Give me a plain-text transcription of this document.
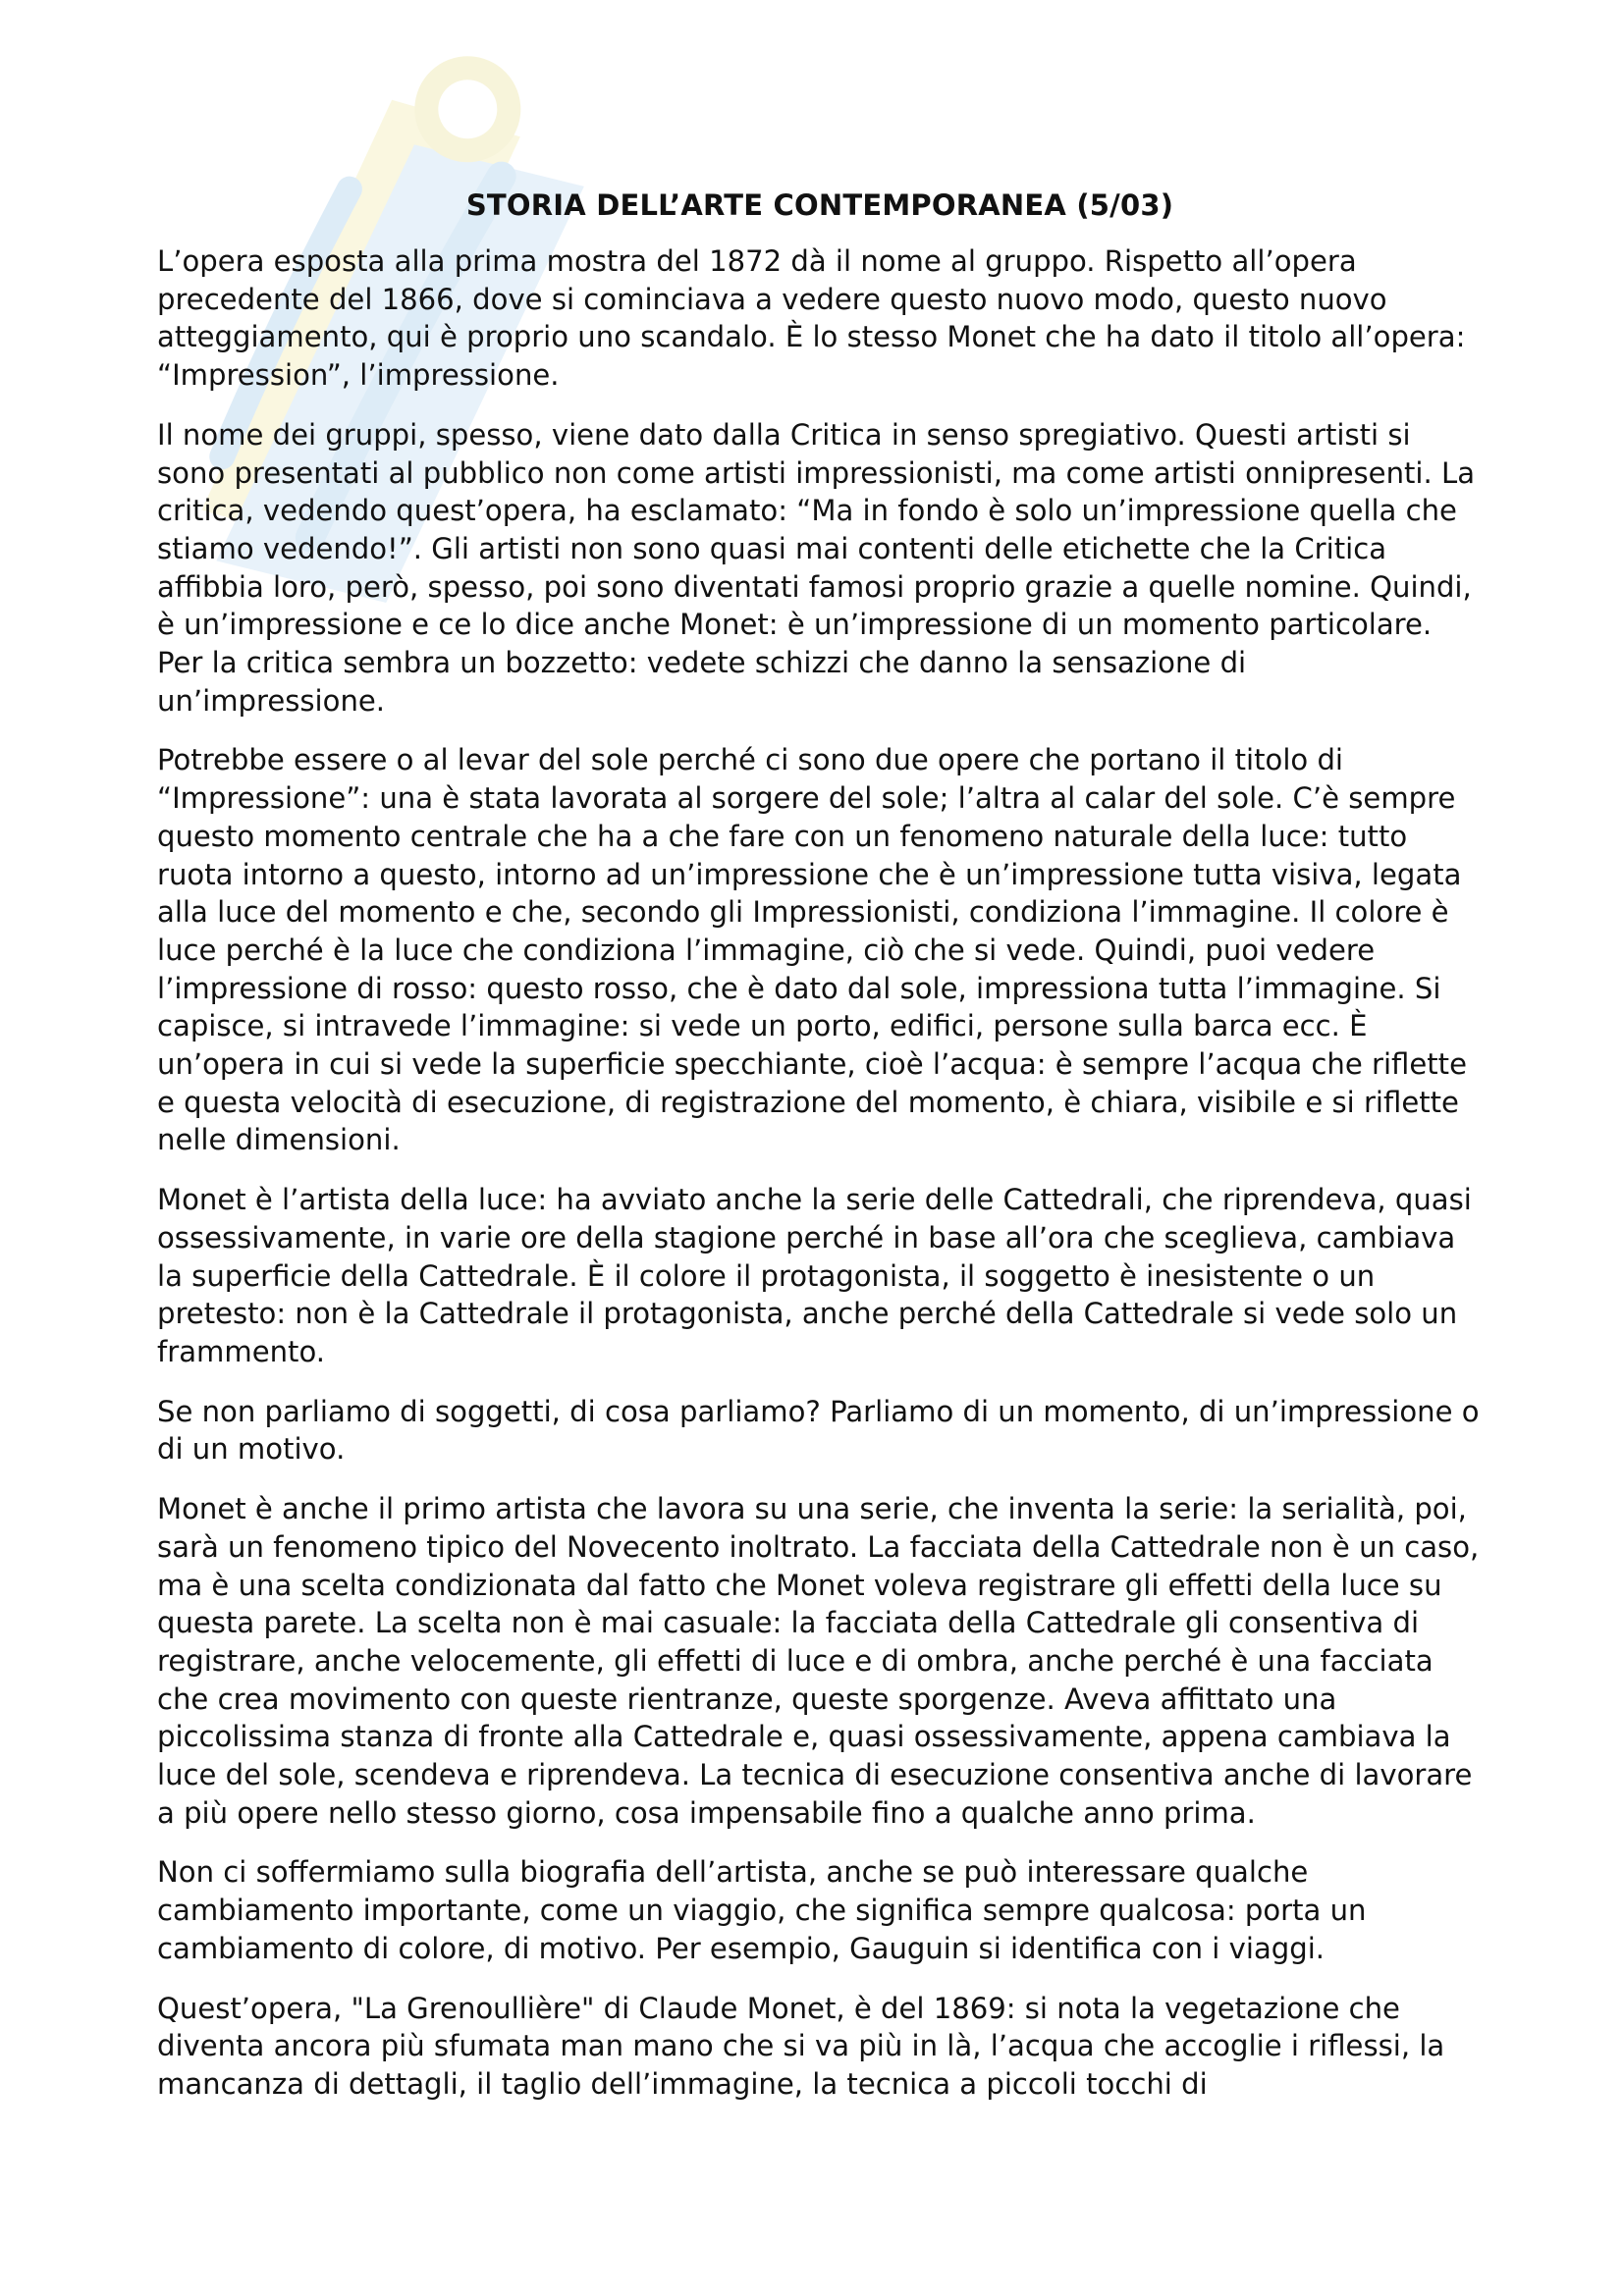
STORIA DELL’ARTE CONTEMPORANEA (5/03)

L’opera esposta alla prima mostra del 1872 dà il nome al gruppo. Rispetto all’opera precedente del 1866, dove si cominciava a vedere questo nuovo modo, questo nuovo atteggiamento, qui è proprio uno scandalo. È lo stesso Monet che ha dato il titolo all’opera: “Impression”, l’impressione.

Il nome dei gruppi, spesso, viene dato dalla Critica in senso spregiativo. Questi artisti si sono presentati al pubblico non come artisti impressionisti, ma come artisti onnipresenti. La critica, vedendo quest’opera, ha esclamato: “Ma in fondo è solo un’impressione quella che stiamo vedendo!”. Gli artisti non sono quasi mai contenti delle etichette che la Critica affibbia loro, però, spesso, poi sono diventati famosi proprio grazie a quelle nomine. Quindi, è un’impressione e ce lo dice anche Monet: è un’impressione di un momento particolare. Per la critica sembra un bozzetto: vedete schizzi che danno la sensazione di un’impressione.

Potrebbe essere o al levar del sole perché ci sono due opere che portano il titolo di “Impressione”: una è stata lavorata al sorgere del sole; l’altra al calar del sole. C’è sempre questo momento centrale che ha a che fare con un fenomeno naturale della luce: tutto ruota intorno a questo, intorno ad un’impressione che è un’impressione tutta visiva, legata alla luce del momento e che, secondo gli Impressionisti, condiziona l’immagine. Il colore è luce perché è la luce che condiziona l’immagine, ciò che si vede. Quindi, puoi vedere l’impressione di rosso: questo rosso, che è dato dal sole, impressiona tutta l’immagine. Si capisce, si intravede l’immagine: si vede un porto, edifici, persone sulla barca ecc. È un’opera in cui si vede la superficie specchiante, cioè l’acqua: è sempre l’acqua che riflette e questa velocità di esecuzione, di registrazione del momento, è chiara, visibile e si riflette nelle dimensioni.

Monet è l’artista della luce: ha avviato anche la serie delle Cattedrali, che riprendeva, quasi ossessivamente, in varie ore della stagione perché in base all’ora che sceglieva, cambiava la superficie della Cattedrale. È il colore il protagonista, il soggetto è inesistente o un pretesto: non è la Cattedrale il protagonista, anche perché della Cattedrale si vede solo un frammento.

Se non parliamo di soggetti, di cosa parliamo? Parliamo di un momento, di un’impressione o di un motivo.

Monet è anche il primo artista che lavora su una serie, che inventa la serie: la serialità, poi, sarà un fenomeno tipico del Novecento inoltrato. La facciata della Cattedrale non è un caso, ma è una scelta condizionata dal fatto che Monet voleva registrare gli effetti della luce su questa parete. La scelta non è mai casuale: la facciata della Cattedrale gli consentiva di registrare, anche velocemente, gli effetti di luce e di ombra, anche perché è una facciata che crea movimento con queste rientranze, queste sporgenze. Aveva affittato una piccolissima stanza di fronte alla Cattedrale e, quasi ossessivamente, appena cambiava la luce del sole, scendeva e riprendeva. La tecnica di esecuzione consentiva anche di lavorare a più opere nello stesso giorno, cosa impensabile fino a qualche anno prima.

Non ci soffermiamo sulla biografia dell’artista, anche se può interessare qualche cambiamento importante, come un viaggio, che significa sempre qualcosa: porta un cambiamento di colore, di motivo. Per esempio, Gauguin si identifica con i viaggi.

Quest’opera, "La Grenoullière" di Claude Monet, è del 1869: si nota la vegetazione che diventa ancora più sfumata man mano che si va più in là, l’acqua che accoglie i riflessi, la mancanza di dettagli, il taglio dell’immagine, la tecnica a piccoli tocchi di
